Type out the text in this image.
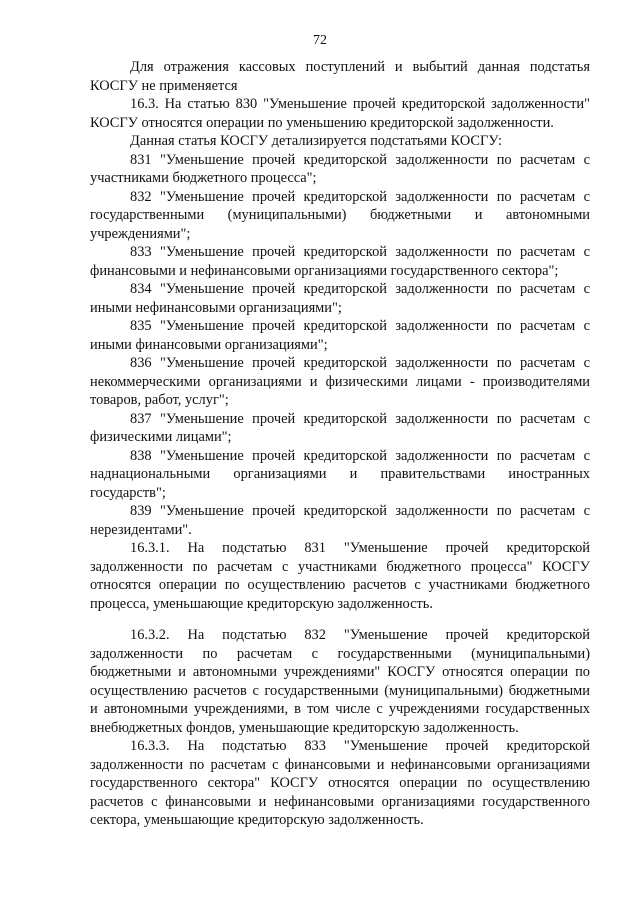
72

Для отражения кассовых поступлений и выбытий данная подстатья КОСГУ не применяется

16.3. На статью 830 "Уменьшение прочей кредиторской задолженности" КОСГУ относятся операции по уменьшению кредиторской задолженности.

Данная статья КОСГУ детализируется подстатьями КОСГУ:

831 "Уменьшение прочей кредиторской задолженности по расчетам с участниками бюджетного процесса";

832 "Уменьшение прочей кредиторской задолженности по расчетам с государственными (муниципальными) бюджетными и автономными учреждениями";

833 "Уменьшение прочей кредиторской задолженности по расчетам с финансовыми и нефинансовыми организациями государственного сектора";

834 "Уменьшение прочей кредиторской задолженности по расчетам с иными нефинансовыми организациями";

835 "Уменьшение прочей кредиторской задолженности по расчетам с иными финансовыми организациями";

836 "Уменьшение прочей кредиторской задолженности по расчетам с некоммерческими организациями и физическими лицами - производителями товаров, работ, услуг";

837 "Уменьшение прочей кредиторской задолженности по расчетам с физическими лицами";

838 "Уменьшение прочей кредиторской задолженности по расчетам с наднациональными организациями и правительствами иностранных государств";

839 "Уменьшение прочей кредиторской задолженности по расчетам с нерезидентами".

16.3.1. На подстатью 831 "Уменьшение прочей кредиторской задолженности по расчетам с участниками бюджетного процесса" КОСГУ относятся операции по осуществлению расчетов с участниками бюджетного процесса, уменьшающие кредиторскую задолженность.

16.3.2. На подстатью 832 "Уменьшение прочей кредиторской задолженности по расчетам с государственными (муниципальными) бюджетными и автономными учреждениями" КОСГУ относятся операции по осуществлению расчетов с государственными (муниципальными) бюджетными и автономными учреждениями, в том числе с учреждениями государственных внебюджетных фондов, уменьшающие кредиторскую задолженность.

16.3.3. На подстатью 833 "Уменьшение прочей кредиторской задолженности по расчетам с финансовыми и нефинансовыми организациями государственного сектора" КОСГУ относятся операции по осуществлению расчетов с финансовыми и нефинансовыми организациями государственного сектора, уменьшающие кредиторскую задолженность.
